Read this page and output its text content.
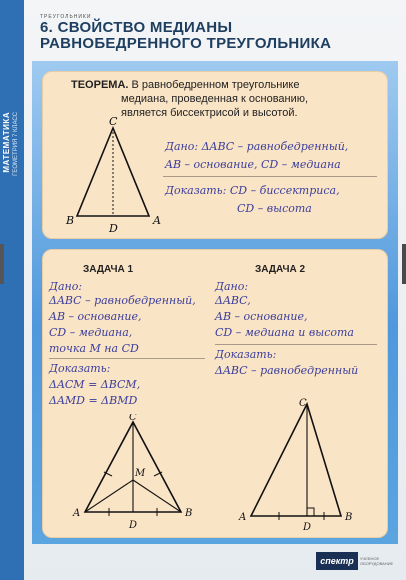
МАТЕМАТИКА ГЕОМЕТРИЯ 7 КЛАСС
ТРЕУГОЛЬНИКИ
6. СВОЙСТВО МЕДИАНЫ
РАВНОБЕДРЕННОГО ТРЕУГОЛЬНИКА
ТЕОРЕМА. В равнобедренном треугольнике
медиана, проведенная к основанию,
является биссектрисой и высотой.
C
B	A
D
Дано: ΔABC – равнобедренный,
AB – основание, CD – медиана
Доказать: CD – биссектриса,
CD – высота
ЗАДАЧА 1	ЗАДАЧА 2
Дано:
ΔABC – равнобедренный,
AB – основание,
CD – медиана,
точка M на CD
Доказать:
ΔACM = ΔBCM,
ΔAMD = ΔBMD
Дано:
ΔABC,
AB – основание,
CD – медиана и высота
Доказать:
ΔABC – равнобедренный
C
M
A	B
D
C
A	B
D
спектр	УЧЕБНОЕ
ОБОРУДОВАНИЕ
